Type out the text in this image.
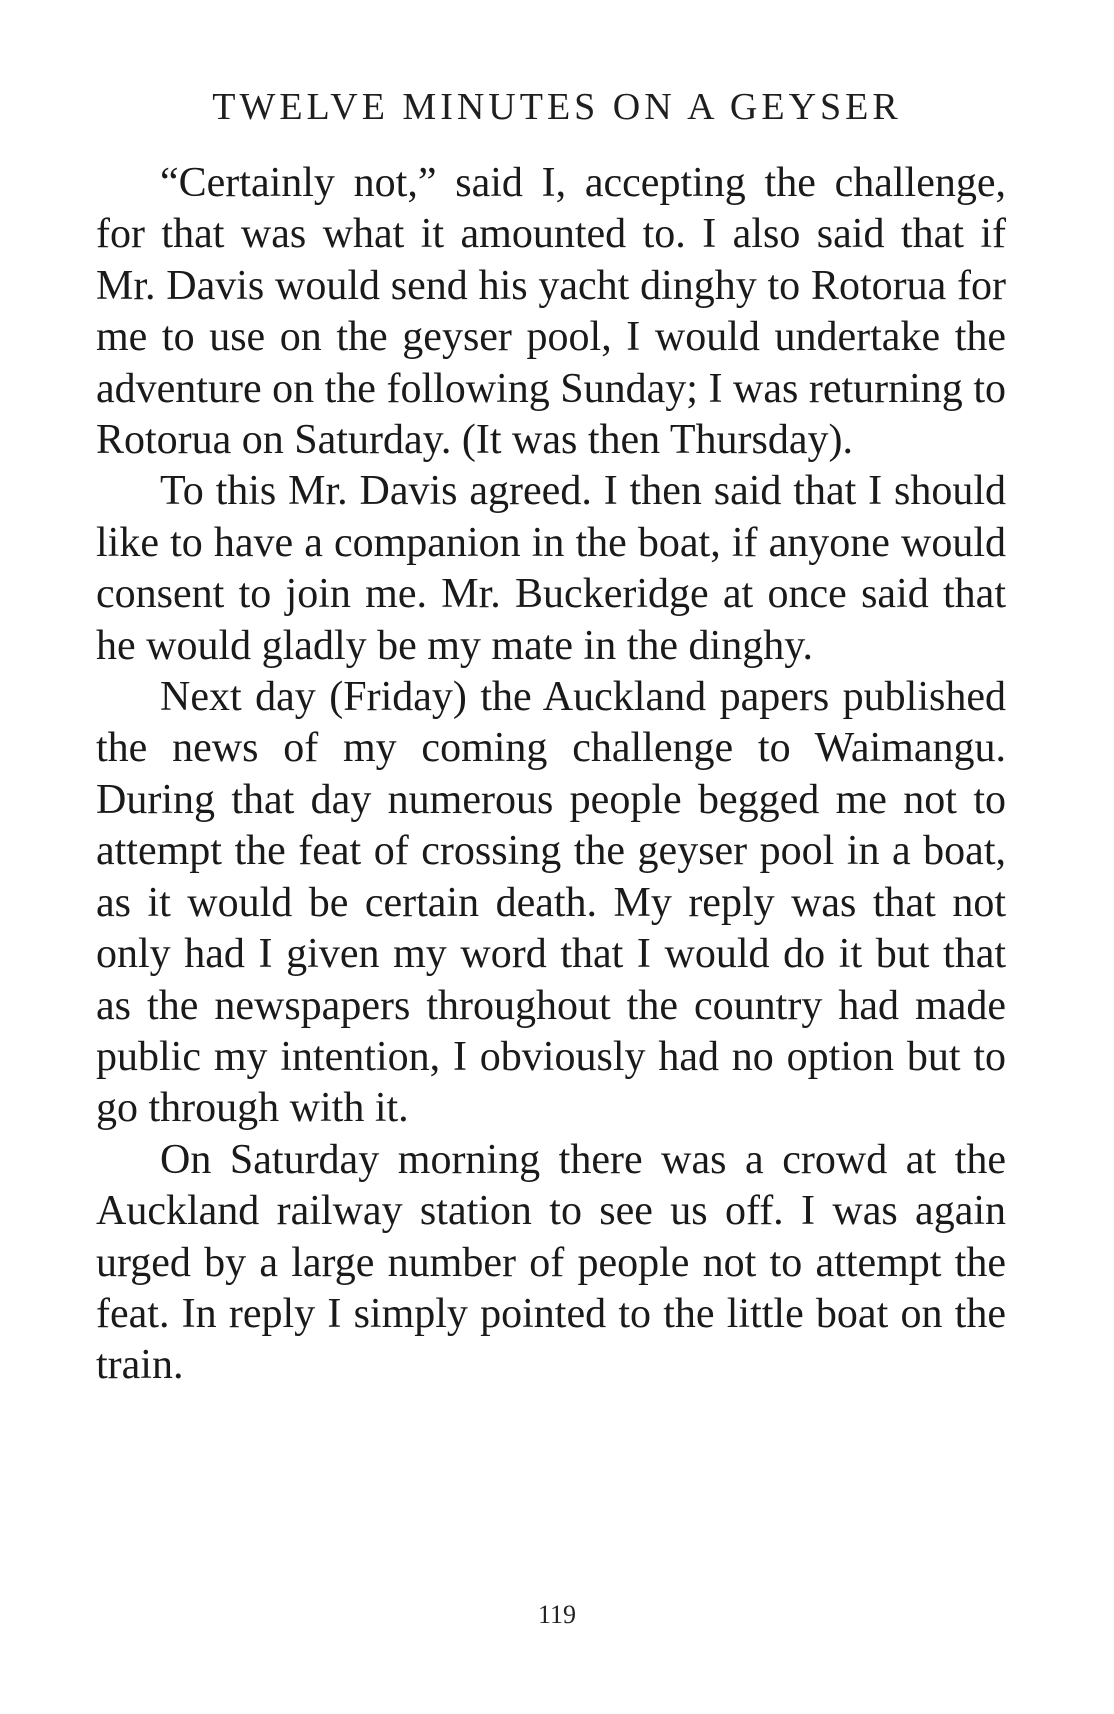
TWELVE MINUTES ON A GEYSER

“Certainly not,” said I, accepting the challenge, for that was what it amounted to. I also said that if Mr. Davis would send his yacht dinghy to Rotorua for me to use on the geyser pool, I would undertake the adventure on the following Sunday; I was returning to Rotorua on Saturday. (It was then Thursday).

To this Mr. Davis agreed. I then said that I should like to have a companion in the boat, if anyone would consent to join me. Mr. Buckeridge at once said that he would gladly be my mate in the dinghy.

Next day (Friday) the Auckland papers published the news of my coming challenge to Waimangu. During that day numerous people begged me not to attempt the feat of crossing the geyser pool in a boat, as it would be certain death. My reply was that not only had I given my word that I would do it but that as the newspapers throughout the country had made public my intention, I obviously had no option but to go through with it.

On Saturday morning there was a crowd at the Auckland railway station to see us off. I was again urged by a large number of people not to attempt the feat. In reply I simply pointed to the little boat on the train.

119
